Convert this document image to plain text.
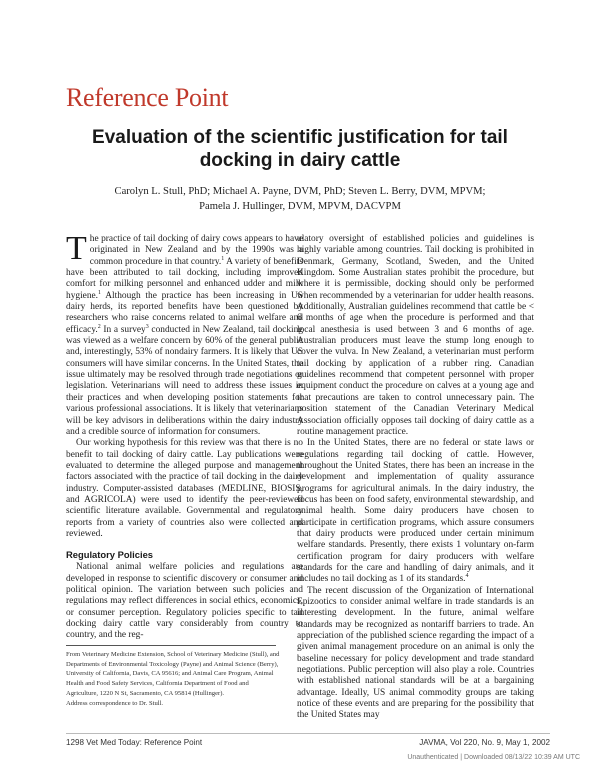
Reference Point
Evaluation of the scientific justification for tail docking in dairy cattle
Carolyn L. Stull, PhD; Michael A. Payne, DVM, PhD; Steven L. Berry, DVM, MPVM;
Pamela J. Hullinger, DVM, MPVM, DACVPM

The practice of tail docking of dairy cows appears to have originated in New Zealand and by the 1990s was a common procedure in that country.$^1$ A variety of benefits have been attributed to tail docking, including improved comfort for milking personnel and enhanced udder and milk hygiene.$^1$ Although the practice has been increasing in US dairy herds, its reported benefits have been questioned by researchers who raise concerns related to animal welfare and efficacy.$^2$ In a survey$^3$ conducted in New Zealand, tail docking was viewed as a welfare concern by 60% of the general public and, interestingly, 53% of nondairy farmers. It is likely that US consumers will have similar concerns. In the United States, the issue ultimately may be resolved through trade negotiations or legislation. Veterinarians will need to address these issues in their practices and when developing position statements for various professional associations. It is likely that veterinarians will be key advisors in deliberations within the dairy industry and a credible source of information for consumers.

Our working hypothesis for this review was that there is no benefit to tail docking of dairy cattle. Lay publications were evaluated to determine the alleged purpose and management factors associated with the practice of tail docking in the dairy industry. Computer-assisted databases (MEDLINE, BIOSIS, and AGRICOLA) were used to identify the peer-reviewed scientific literature available. Governmental and regulatory reports from a variety of countries also were collected and reviewed.

Regulatory Policies

National animal welfare policies and regulations are developed in response to scientific discovery or consumer and political opinion. The variation between such policies and regulations may reflect differences in social ethics, economics, or consumer perception. Regulatory policies specific to tail docking dairy cattle vary considerably from country to country, and the reg-

From Veterinary Medicine Extension, School of Veterinary Medicine (Stull), and Departments of Environmental Toxicology (Payne) and Animal Science (Berry), University of California, Davis, CA 95616; and Animal Care Program, Animal Health and Food Safety Services, California Department of Food and Agriculture, 1220 N St, Sacramento, CA 95814 (Hullinger).

Address correspondence to Dr. Stull.

ulatory oversight of established policies and guidelines is highly variable among countries. Tail docking is prohibited in Denmark, Germany, Scotland, Sweden, and the United Kingdom. Some Australian states prohibit the procedure, but where it is permissible, docking should only be performed when recommended by a veterinarian for udder health reasons. Additionally, Australian guidelines recommend that cattle be < 6 months of age when the procedure is performed and that local anesthesia is used between 3 and 6 months of age. Australian producers must leave the stump long enough to cover the vulva. In New Zealand, a veterinarian must perform tail docking by application of a rubber ring. Canadian guidelines recommend that competent personnel with proper equipment conduct the procedure on calves at a young age and that precautions are taken to control unnecessary pain. The position statement of the Canadian Veterinary Medical Association officially opposes tail docking of dairy cattle as a routine management practice.

In the United States, there are no federal or state laws or regulations regarding tail docking of cattle. However, throughout the United States, there has been an increase in the development and implementation of quality assurance programs for agricultural animals. In the dairy industry, the focus has been on food safety, environmental stewardship, and animal health. Some dairy producers have chosen to participate in certification programs, which assure consumers that dairy products were produced under certain minimum welfare standards. Presently, there exists 1 voluntary on-farm certification program for dairy producers with welfare standards for the care and handling of dairy animals, and it includes no tail docking as 1 of its standards.$^4$

The recent discussion of the Organization of International Epizootics to consider animal welfare in trade standards is an interesting development. In the future, animal welfare standards may be recognized as nontariff barriers to trade. An appreciation of the published science regarding the impact of a given animal management procedure on an animal is only the baseline necessary for policy development and trade standard negotiations. Public perception will also play a role. Countries with established national standards will be at a bargaining advantage. Ideally, US animal commodity groups are taking notice of these events and are preparing for the possibility that the United States may

1298 Vet Med Today: Reference Point	JAVMA, Vol 220, No. 9, May 1, 2002
Unauthenticated | Downloaded 08/13/22 10:39 AM UTC
